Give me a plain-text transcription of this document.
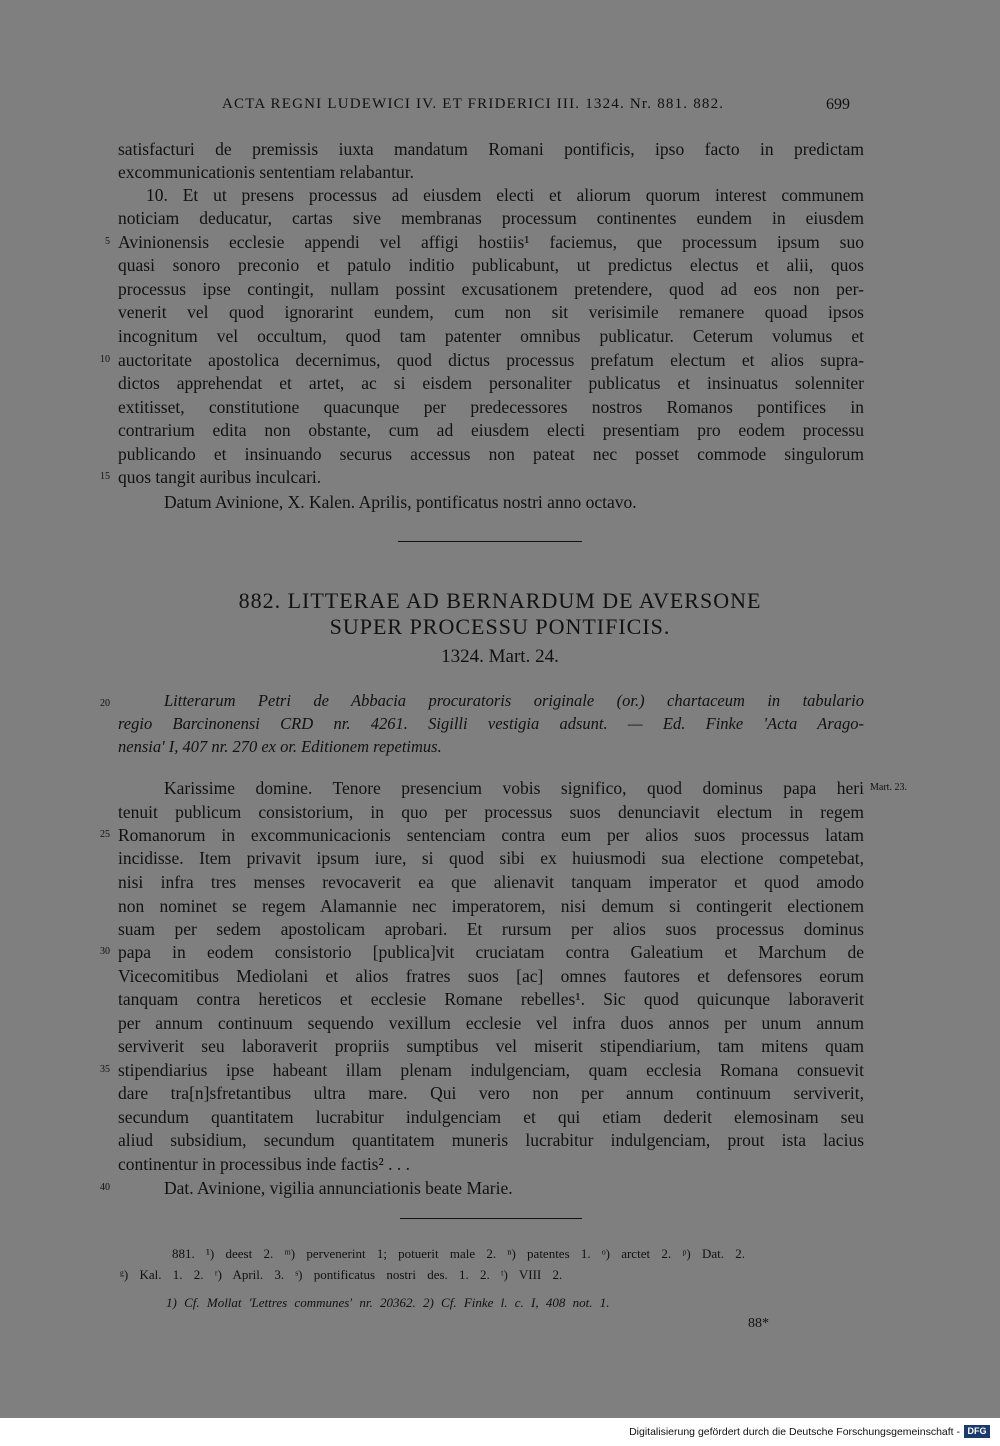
ACTA REGNI LUDEWICI IV. ET FRIDERICI III. 1324. Nr. 881. 882.	699
satisfacturi de premissis iuxta mandatum Romani pontificis, ipso facto in predictam
excommunicationis sententiam relabantur.
10. Et ut presens processus ad eiusdem electi et aliorum quorum interest communem
noticiam deducatur, cartas sive membranas processum continentes eundem in eiusdem
Avinionensis ecclesie appendi vel affigi hostiis¹ faciemus, que processum ipsum suo
quasi sonoro preconio et patulo inditio publicabunt, ut predictus electus et alii, quos
processus ipse contingit, nullam possint excusationem pretendere, quod ad eos non per-
venerit vel quod ignorarint eundem, cum non sit verisimile remanere quoad ipsos
incognitum vel occultum, quod tam patenter omnibus publicatur. Ceterum volumus et
auctoritate apostolica decernimus, quod dictus processus prefatum electum et alios supra-
dictos apprehendat et artet, ac si eisdem personaliter publicatus et insinuatus solenniter
extitisset, constitutione quacunque per predecessores nostros Romanos pontifices in
contrarium edita non obstante, cum ad eiusdem electi presentiam pro eodem processu
publicando et insinuando securus accessus non pateat nec posset commode singulorum
quos tangit auribus inculcari.
Datum Avinione, X. Kalen. Aprilis, pontificatus nostri anno octavo.
5
10
15
882. LITTERAE AD BERNARDUM DE AVERSONE
SUPER PROCESSU PONTIFICIS.
1324. Mart. 24.
Litterarum Petri de Abbacia procuratoris originale (or.) chartaceum in tabulario
regio Barcinonensi CRD nr. 4261. Sigilli vestigia adsunt. — Ed. Finke 'Acta Arago-
nensia' I, 407 nr. 270 ex or. Editionem repetimus.
20
Karissime domine. Tenore presencium vobis significo, quod dominus papa heri
tenuit publicum consistorium, in quo per processus suos denunciavit electum in regem
Romanorum in excommunicacionis sentenciam contra eum per alios suos processus latam
incidisse. Item privavit ipsum iure, si quod sibi ex huiusmodi sua electione competebat,
nisi infra tres menses revocaverit ea que alienavit tanquam imperator et quod amodo
non nominet se regem Alamannie nec imperatorem, nisi demum si contingerit electionem
suam per sedem apostolicam aprobari. Et rursum per alios suos processus dominus
papa in eodem consistorio [publica]vit cruciatam contra Galeatium et Marchum de
Vicecomitibus Mediolani et alios fratres suos [ac] omnes fautores et defensores eorum
tanquam contra hereticos et ecclesie Romane rebelles¹. Sic quod quicunque laboraverit
per annum continuum sequendo vexillum ecclesie vel infra duos annos per unum annum
serviverit seu laboraverit propriis sumptibus vel miserit stipendiarium, tam mitens quam
stipendiarius ipse habeant illam plenam indulgenciam, quam ecclesia Romana consuevit
dare tra[n]sfretantibus ultra mare. Qui vero non per annum continuum serviverit,
secundum quantitatem lucrabitur indulgenciam et qui etiam dederit elemosinam seu
aliud subsidium, secundum quantitatem muneris lucrabitur indulgenciam, prout ista lacius
continentur in processibus inde factis² . . .
Dat. Avinione, vigilia annunciationis beate Marie.
25
30
35
40
Mart. 23.
881. ¹) deest 2. ᵐ) pervenerint 1; potuerit male 2. ⁿ) patentes 1. ᵒ) arctet 2. ᵖ) Dat. 2.
ᵍ) Kal. 1. 2. ʳ) April. 3. ˢ) pontificatus nostri des. 1. 2. ᵗ) VIII 2.
1) Cf. Mollat 'Lettres communes' nr. 20362. 2) Cf. Finke l. c. I, 408 not. 1.
88*
Digitalisierung gefördert durch die Deutsche Forschungsgemeinschaft - DFG
